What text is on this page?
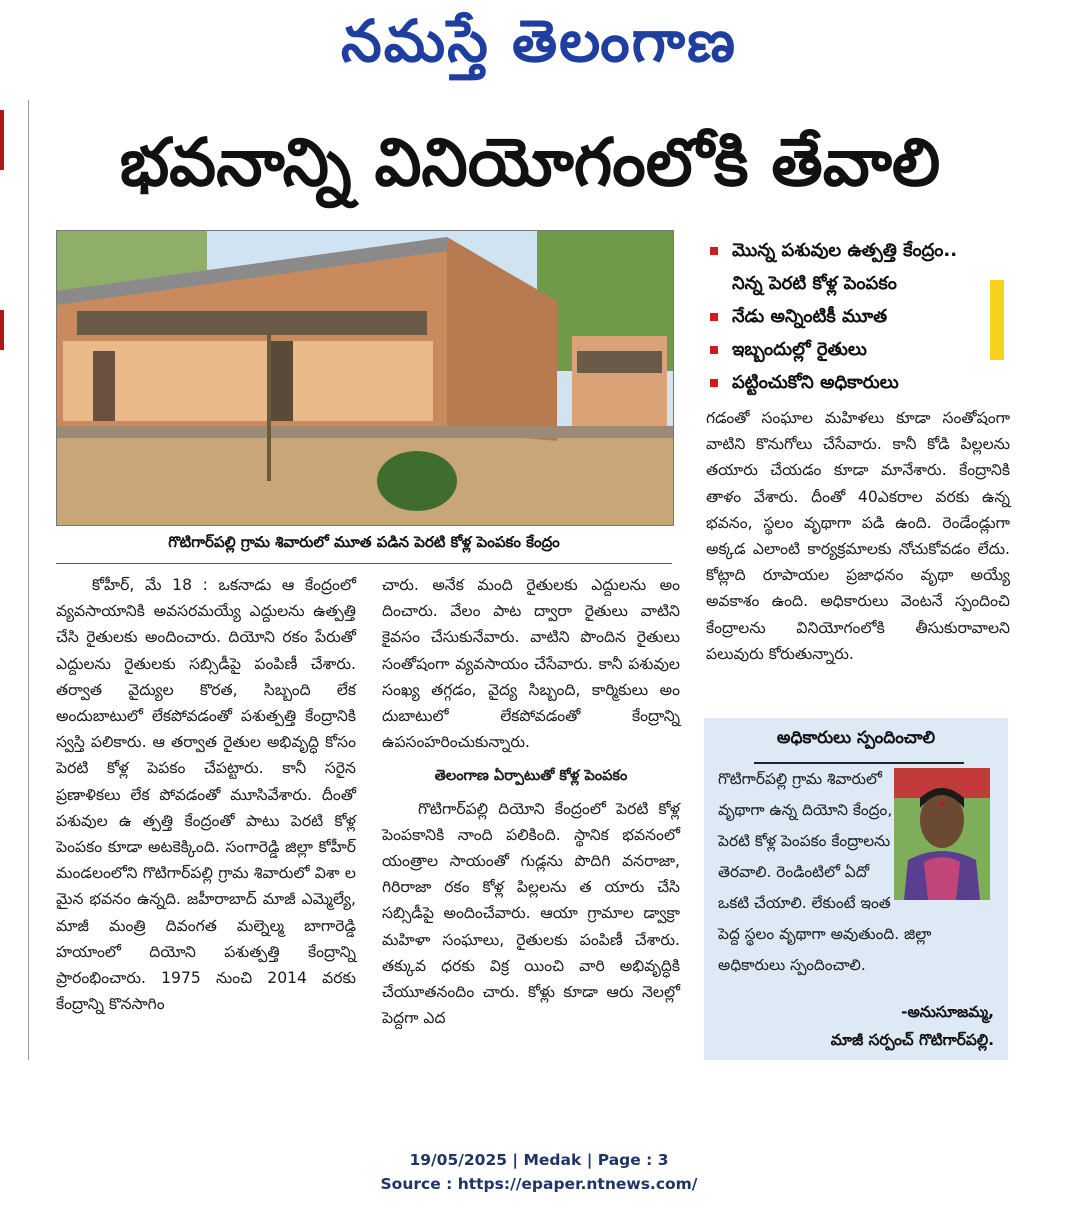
నమస్తే తెలంగాణ
భవనాన్ని వినియోగంలోకి తేవాలి
గొటిగార్‌పల్లి గ్రామ శివారులో మూత పడిన పెరటి కోళ్ల పెంపకం కేంద్రం
మొన్న పశువుల ఉత్పత్తి కేంద్రం..
నిన్న పెరటి కోళ్ల పెంపకం
నేడు అన్నింటికీ మూత
ఇబ్బందుల్లో రైతులు
పట్టించుకోని అధికారులు
కోహీర్‌, మే 18 : ఒకనాడు ఆ కేంద్రంలో వ్యవసాయానికి అవసరమయ్యే ఎద్దులను ఉత్పత్తి చేసి రైతులకు అందించారు. దియోని రకం పేరుతో ఎద్దులను రైతులకు సబ్సిడీపై పంపిణీ చేశారు. తర్వాత వైద్యుల కొరత, సిబ్బంది లేక అందుబాటులో లేకపోవడంతో పశుత్పత్తి కేంద్రానికి స్వస్తి పలికారు. ఆ తర్వాత రైతుల అభివృద్ధి కోసం పెరటి కోళ్ల పెపకం చేపట్టారు. కానీ సరైన ప్రణాళికలు లేక పోవడంతో మూసివేశారు. దీంతో పశువుల ఉ త్పత్తి కేంద్రంతో పాటు పెరటి కోళ్ల పెంపకం కూడా అటకెక్కింది. సంగారెడ్డి జిల్లా కోహీర్‌ మండలంలోని గొటిగార్‌పల్లి గ్రామ శివారులో విశా ల మైన భవనం ఉన్నది. జహీరాబాద్‌ మాజీ ఎమ్మెల్యే, మాజీ మంత్రి దివంగత మల్నెల్మ బాగారెడ్డి హయాంలో దియోని పశుత్పత్తి కేంద్రాన్ని ప్రారంభించారు. 1975 నుంచి 2014 వరకు కేంద్రాన్ని కొనసాగిం
చారు. అనేక మంది రైతులకు ఎద్దులను అం దించారు. వేలం పాట ద్వారా రైతులు వాటిని కైవసం చేసుకునేవారు. వాటిని పొందిన రైతులు సంతోషంగా వ్యవసాయం చేసేవారు. కానీ పశువుల సంఖ్య తగ్గడం, వైద్య సిబ్బంది, కార్మికులు అం దుబాటులో లేకపోవడంతో కేంద్రాన్ని ఉపసంహరించుకున్నారు.
తెలంగాణ ఏర్పాటుతో కోళ్ల పెంపకం
గొటిగార్‌పల్లి దియోని కేంద్రంలో పెరటి కోళ్ల పెంపకానికి నాంది పలికింది. స్థానిక భవనంలో యంత్రాల సాయంతో గుడ్లను పొదిగి వనరాజా, గిరిరాజా రకం కోళ్ల పిల్లలను త యారు చేసి సబ్సిడీపై అందించేవారు. ఆయా గ్రామాల డ్వాక్రా మహిళా సంఘాలు, రైతులకు పంపిణీ చేశారు. తక్కువ ధరకు విక్ర యించి వారి అభివృద్ధికి చేయూతనందిం చారు. కోళ్లు కూడా ఆరు నెలల్లో పెద్దగా ఎద
గడంతో సంఘాల మహిళలు కూడా సంతోషంగా వాటిని కొనుగోలు చేసేవారు. కానీ కోడి పిల్లలను తయారు చేయడం కూడా మానేశారు. కేంద్రానికి తాళం వేశారు. దీంతో 40ఎకరాల వరకు ఉన్న భవనం, స్థలం వృథాగా పడి ఉంది. రెండేండ్లుగా అక్కడ ఎలాంటి కార్యక్రమాలకు నోచుకోవడం లేదు. కోట్లాది రూపాయల ప్రజాధనం వృథా అయ్యే అవకాశం ఉంది. అధికారులు వెంటనే స్పందించి కేంద్రాలను వినియోగంలోకి తీసుకురావాలని పలువురు కోరుతున్నారు.
అధికారులు స్పందించాలి
గొటిగార్‌పల్లి గ్రామ శివారులో వృథాగా ఉన్న దియోని కేంద్రం, పెరటి కోళ్ల పెంపకం కేంద్రాలను తెరవాలి. రెండింటిలో ఏదో ఒకటి చేయాలి. లేకుంటే ఇంత పెద్ద స్థలం వృథాగా అవుతుంది. జిల్లా అధికారులు స్పందించాలి.
-అనుసూజమ్మ,
మాజీ సర్పంచ్‌ గొటిగార్‌పల్లి.
19/05/2025 | Medak | Page : 3
Source : https://epaper.ntnews.com/
